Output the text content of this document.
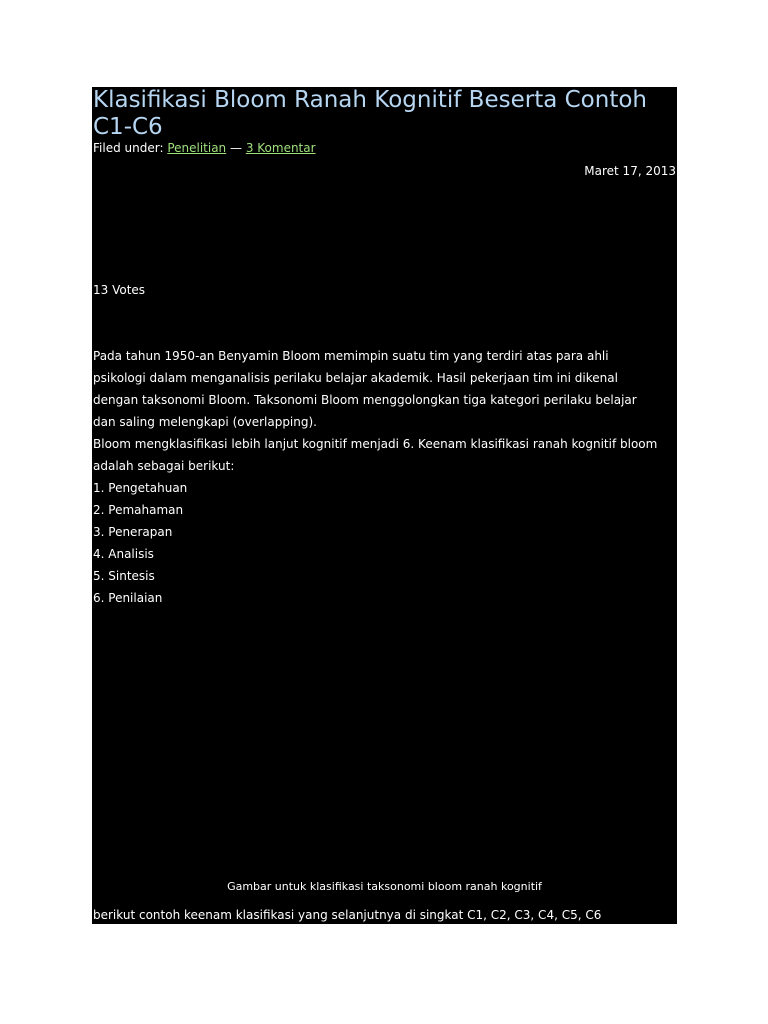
Klasifikasi Bloom Ranah Kognitif Beserta Contoh C1-C6
Filed under: Penelitian — 3 Komentar
Maret 17, 2013
13 Votes

Pada tahun 1950-an Benyamin Bloom memimpin suatu tim yang terdiri atas para ahli

psikologi dalam menganalisis perilaku belajar akademik. Hasil pekerjaan tim ini dikenal

dengan taksonomi Bloom. Taksonomi Bloom menggolongkan tiga kategori perilaku belajar

dan saling melengkapi (overlapping).

Bloom mengklasifikasi lebih lanjut kognitif menjadi 6. Keenam klasifikasi ranah kognitif bloom

adalah sebagai berikut:

1. Pengetahuan

2. Pemahaman

3. Penerapan

4. Analisis

5. Sintesis

6. Penilaian

Gambar untuk klasifikasi taksonomi bloom ranah kognitif
berikut contoh keenam klasifikasi yang selanjutnya di singkat C1, C2, C3, C4, C5, C6
